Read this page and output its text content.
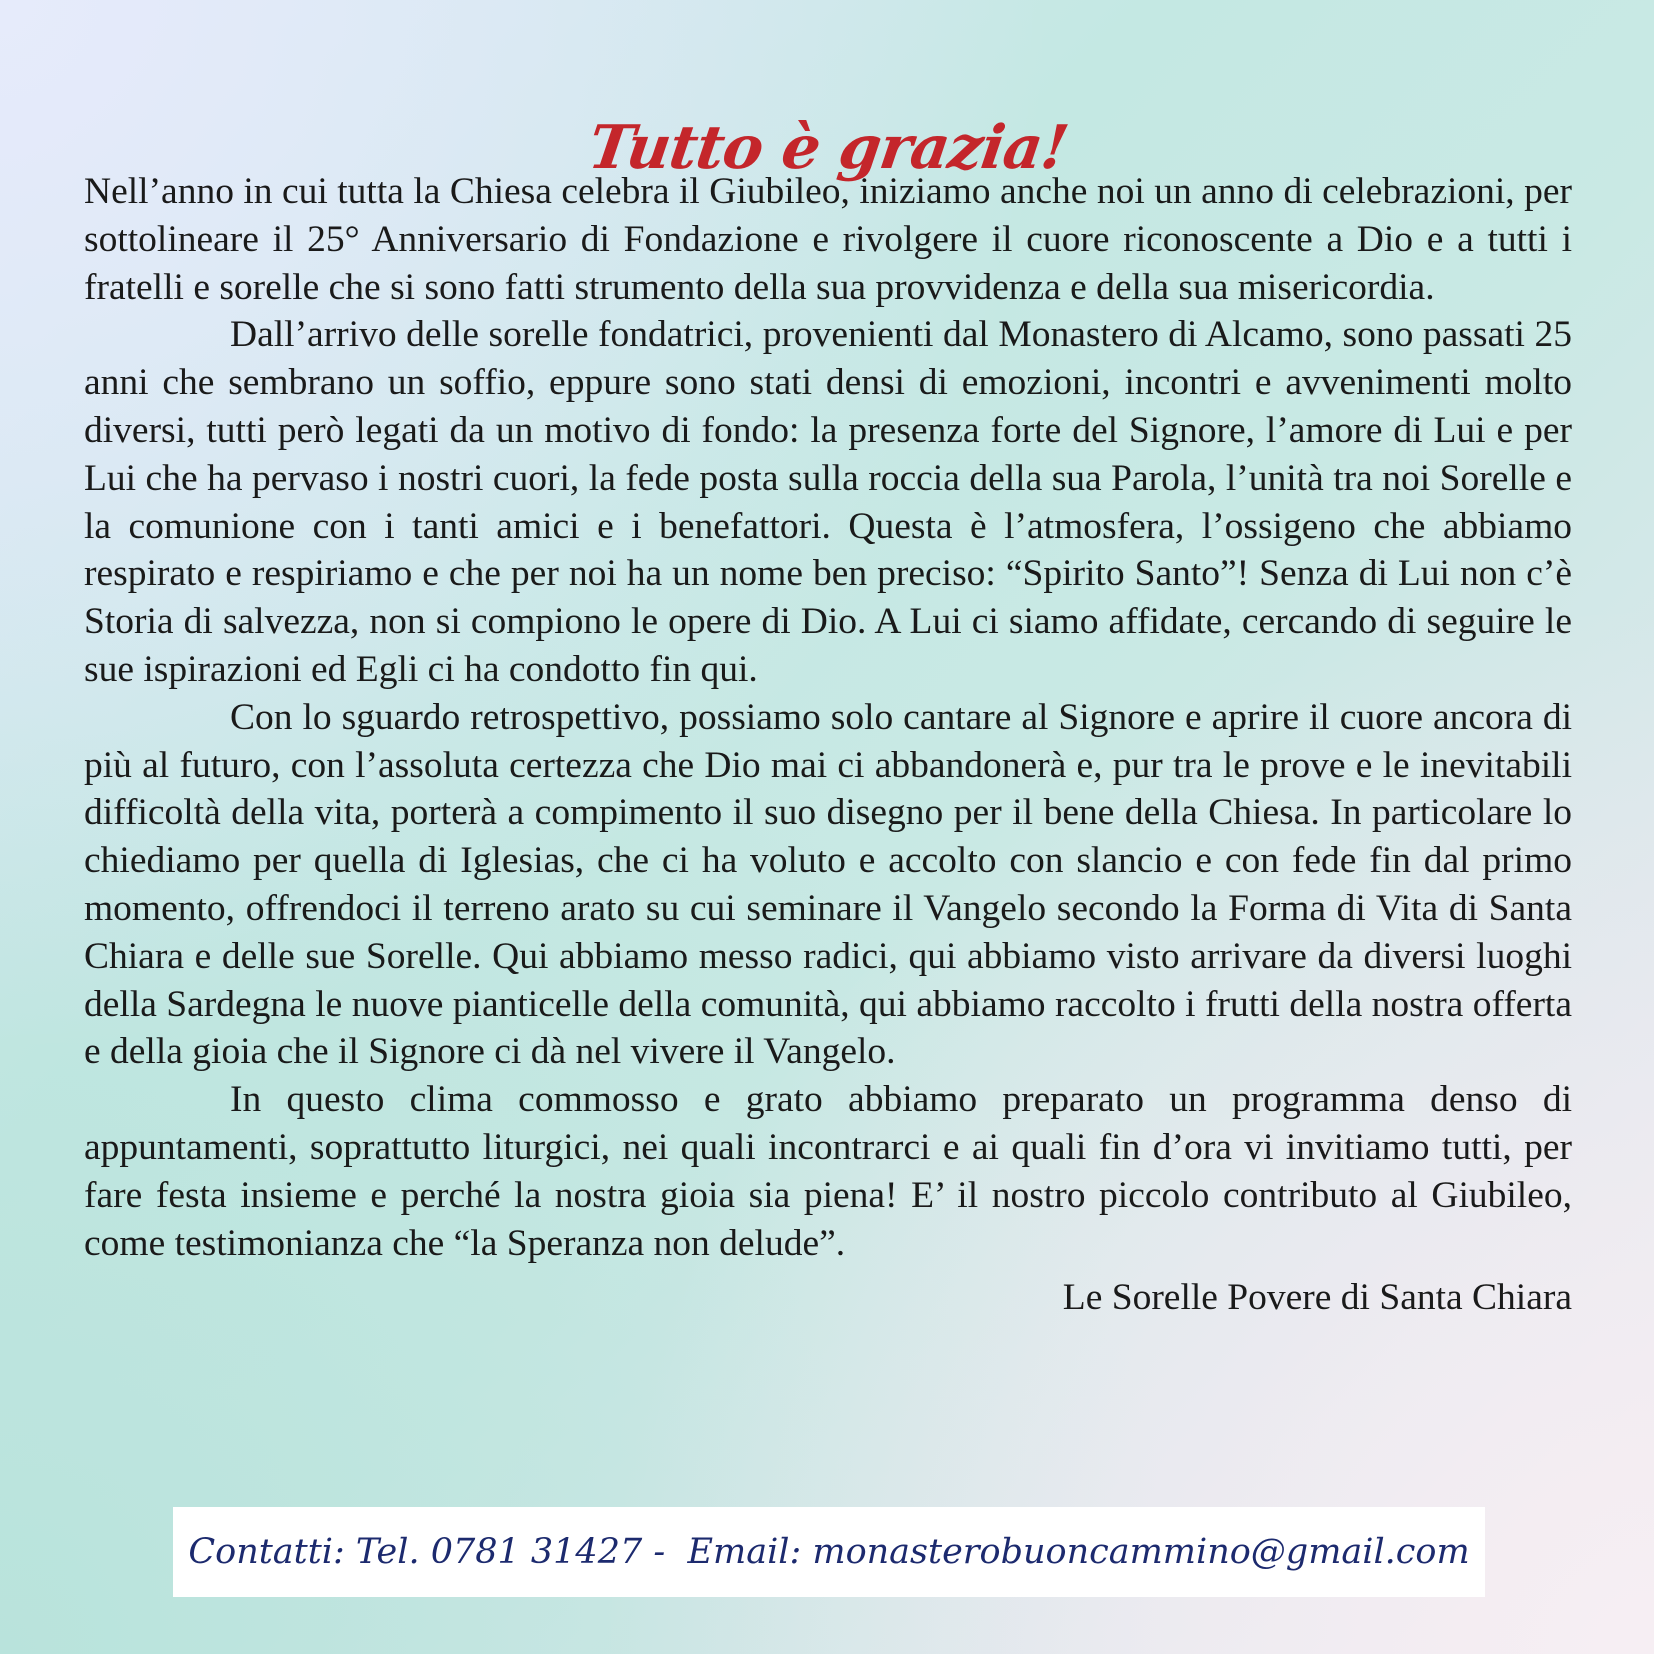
Tutto è grazia!

Nell’anno in cui tutta la Chiesa celebra il Giubileo, iniziamo anche noi un anno di celebrazioni, per sottolineare il 25° Anniversario di Fondazione e rivolgere il cuore riconoscente a Dio e a tutti i fratelli e sorelle che si sono fatti strumento della sua provvidenza e della sua misericordia.

Dall’arrivo delle sorelle fondatrici, provenienti dal Monastero di Alcamo, sono passati 25 anni che sembrano un soffio, eppure sono stati densi di emozioni, incontri e avvenimenti molto diversi, tutti però legati da un motivo di fondo: la presenza forte del Signore, l’amore di Lui e per Lui che ha pervaso i nostri cuori, la fede posta sulla roccia della sua Parola, l’unità tra noi Sorelle e la comunione con i tanti amici e i benefattori. Questa è l’atmosfera, l’ossigeno che abbiamo respirato e respiriamo e che per noi ha un nome ben preciso: “Spirito Santo”! Senza di Lui non c’è Storia di salvezza, non si compiono le opere di Dio. A Lui ci siamo affidate, cercando di seguire le sue ispirazioni ed Egli ci ha condotto fin qui.

Con lo sguardo retrospettivo, possiamo solo cantare al Signore e aprire il cuore ancora di più al futuro, con l’assoluta certezza che Dio mai ci abbandonerà e, pur tra le prove e le inevitabili difficoltà della vita, porterà a compimento il suo disegno per il bene della Chiesa. In particolare lo chiediamo per quella di Iglesias, che ci ha voluto e accolto con slancio e con fede fin dal primo momento, offrendoci il terreno arato su cui seminare il Vangelo secondo la Forma di Vita di Santa Chiara e delle sue Sorelle. Qui abbiamo messo radici, qui abbiamo visto arrivare da diversi luoghi della Sardegna le nuove pianticelle della comunità, qui abbiamo raccolto i frutti della nostra offerta e della gioia che il Signore ci dà nel vivere il Vangelo.

In questo clima commosso e grato abbiamo preparato un programma denso di appuntamenti, soprattutto liturgici, nei quali incontrarci e ai quali fin d’ora vi invitiamo tutti, per fare festa insieme e perché la nostra gioia sia piena! E’ il nostro piccolo contributo al Giubileo, come testimonianza che “la Speranza non delude”.

Le Sorelle Povere di Santa Chiara

Contatti: Tel. 0781 31427 - Email: monasterobuoncammino@gmail.com
